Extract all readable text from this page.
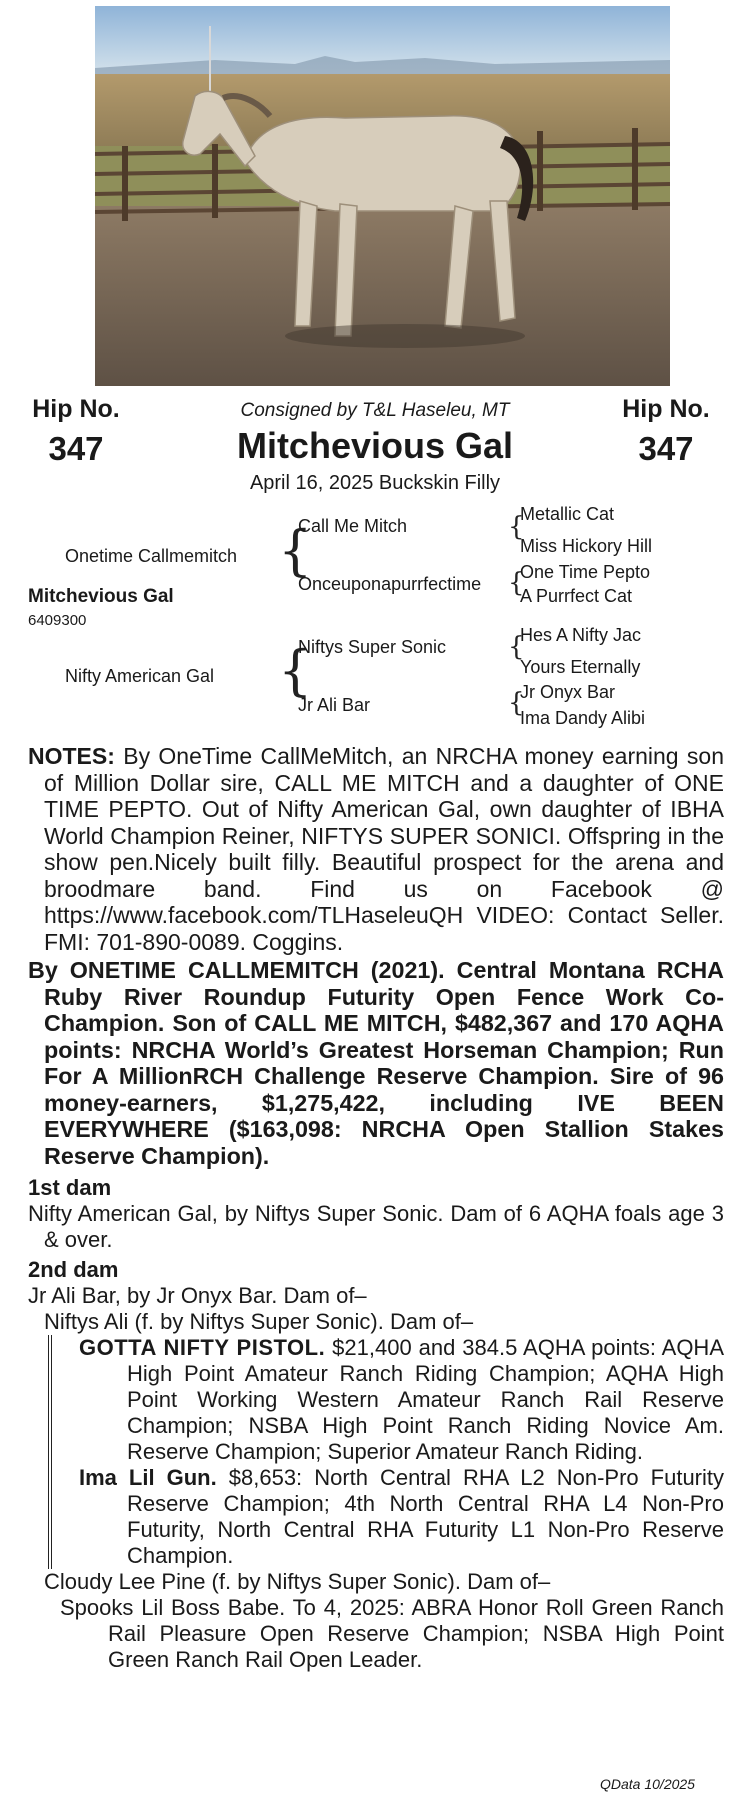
Hip No.
347
Hip No.
347
Consigned by T&L Haseleu, MT
Mitchevious Gal
April 16, 2025 Buckskin Filly
Onetime Callmemitch
Mitchevious Gal
6409300
Nifty American Gal
{
Call Me Mitch
Onceuponapurrfectime
{
Niftys Super Sonic
Jr Ali Bar
{
Metallic Cat
Miss Hickory Hill
{
One Time Pepto
A Purrfect Cat
{
Hes A Nifty Jac
Yours Eternally
{
Jr Onyx Bar
Ima Dandy Alibi

NOTES: By OneTime CallMeMitch, an NRCHA money earning son of Million Dollar sire, CALL ME MITCH and a daughter of ONE TIME PEPTO. Out of Nifty American Gal, own daughter of IBHA World Champion Reiner, NIFTYS SUPER SONICI. Offspring in the show pen.Nicely built filly. Beautiful prospect for the arena and broodmare band. Find us on Facebook @ https://www.facebook.com/TLHaseleuQH VIDEO: Contact Seller. FMI: 701-890-0089. Coggins.

By ONETIME CALLMEMITCH (2021). Central Montana RCHA Ruby River Roundup Futurity Open Fence Work Co-Champion. Son of CALL ME MITCH, $482,367 and 170 AQHA points: NRCHA World’s Greatest Horseman Champion; Run For A MillionRCH Challenge Reserve Champion. Sire of 96 money-earners, $1,275,422, including IVE BEEN EVERYWHERE ($163,098: NRCHA Open Stallion Stakes Reserve Champion).

1st dam

Nifty American Gal, by Niftys Super Sonic. Dam of 6 AQHA foals age 3 & over.

2nd dam

Jr Ali Bar, by Jr Onyx Bar. Dam of–

Niftys Ali (f. by Niftys Super Sonic). Dam of–

GOTTA NIFTY PISTOL. $21,400 and 384.5 AQHA points: AQHA High Point Amateur Ranch Riding Champion; AQHA High Point Working Western Amateur Ranch Rail Reserve Champion; NSBA High Point Ranch Riding Novice Am. Reserve Champion; Superior Amateur Ranch Riding.

Ima Lil Gun. $8,653: North Central RHA L2 Non-Pro Futurity Reserve Champion; 4th North Central RHA L4 Non-Pro Futurity, North Central RHA Futurity L1 Non-Pro Reserve Champion.

Cloudy Lee Pine (f. by Niftys Super Sonic). Dam of–

Spooks Lil Boss Babe. To 4, 2025: ABRA Honor Roll Green Ranch Rail Pleasure Open Reserve Champion; NSBA High Point Green Ranch Rail Open Leader.

QData 10/2025
